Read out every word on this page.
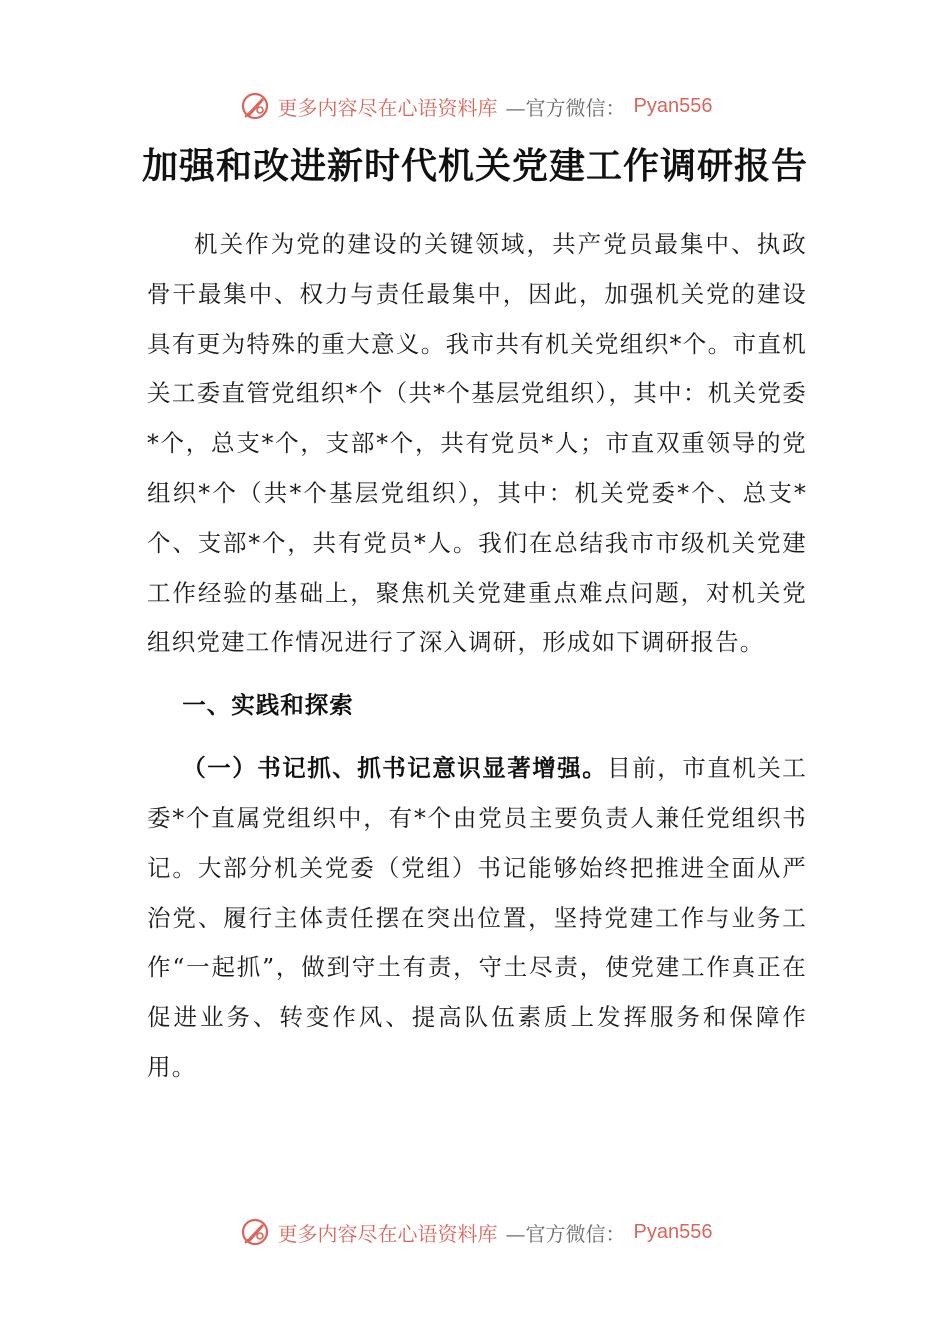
更多内容尽在心语资料库 —官方微信： Pyan556
加强和改进新时代机关党建工作调研报告

机关作为党的建设的关键领域，共产党员最集中、执政骨干最集中、权力与责任最集中，因此，加强机关党的建设具有更为特殊的重大意义。我市共有机关党组织*个。市直机关工委直管党组织*个（共*个基层党组织），其中：机关党委*个，总支*个，支部*个，共有党员*人；市直双重领导的党组织*个（共*个基层党组织），其中：机关党委*个、总支*个、支部*个，共有党员*人。我们在总结我市市级机关党建工作经验的基础上，聚焦机关党建重点难点问题，对机关党组织党建工作情况进行了深入调研，形成如下调研报告。

一、实践和探索

（一）书记抓、抓书记意识显著增强。目前，市直机关工委*个直属党组织中，有*个由党员主要负责人兼任党组织书记。大部分机关党委（党组）书记能够始终把推进全面从严治党、履行主体责任摆在突出位置，坚持党建工作与业务工作“一起抓”，做到守土有责，守土尽责，使党建工作真正在促进业务、转变作风、提高队伍素质上发挥服务和保障作用。

更多内容尽在心语资料库 —官方微信： Pyan556
